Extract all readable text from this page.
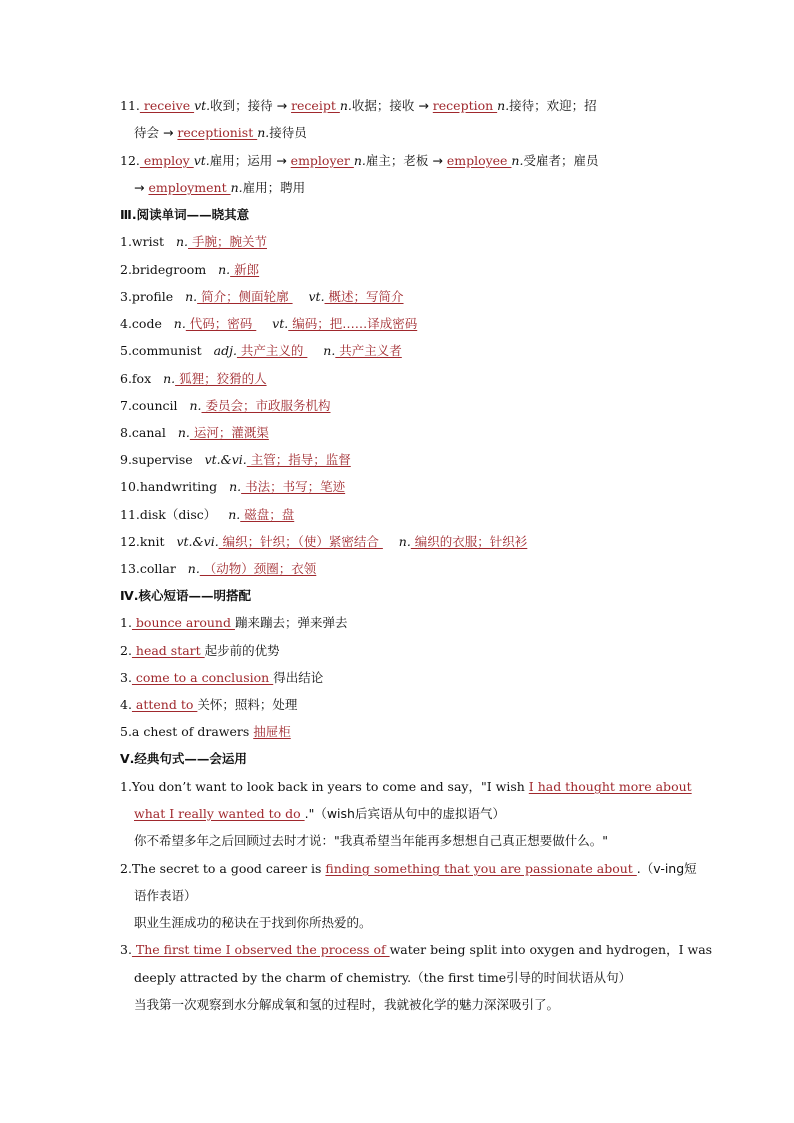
11. receive vt.收到；接待 → receipt n.收据；接收 → reception n.接待；欢迎；招
待会 → receptionist n.接待员
12. employ vt.雇用；运用 → employer n.雇主；老板 → employee n.受雇者；雇员
→ employment n.雇用；聘用
Ⅲ.阅读单词——晓其意
1.wrist n. 手腕；腕关节
2.bridegroom n. 新郎
3.profile n. 简介；侧面轮廓     vt. 概述；写简介
4.code n. 代码；密码     vt. 编码；把……译成密码
5.communist adj. 共产主义的     n. 共产主义者
6.fox n. 狐狸；狡猾的人
7.council n. 委员会；市政服务机构
8.canal n. 运河；灌溉渠
9.supervise vt.&vi. 主管；指导；监督
10.handwriting n. 书法；书写；笔迹
11.disk（disc） n. 磁盘；盘
12.knit vt.&vi. 编织；针织；（使）紧密结合     n. 编织的衣服；针织衫
13.collar n. （动物）颈圈；衣领
Ⅳ.核心短语——明搭配
1. bounce around 蹦来蹦去；弹来弹去
2. head start 起步前的优势
3. come to a conclusion 得出结论
4. attend to 关怀；照料；处理
5.a chest of drawers 抽屉柜
Ⅴ.经典句式——会运用
1.You don’t want to look back in years to come and say，"I wish I had thought more about
what I really wanted to do ."（wish后宾语从句中的虚拟语气）
你不希望多年之后回顾过去时才说："我真希望当年能再多想想自己真正想要做什么。"
2.The secret to a good career is finding something that you are passionate about .（v-ing短
语作表语）
职业生涯成功的秘诀在于找到你所热爱的。
3. The first time I observed the process of water being split into oxygen and hydrogen，I was
deeply attracted by the charm of chemistry.（the first time引导的时间状语从句）
当我第一次观察到水分解成氧和氢的过程时，我就被化学的魅力深深吸引了。
